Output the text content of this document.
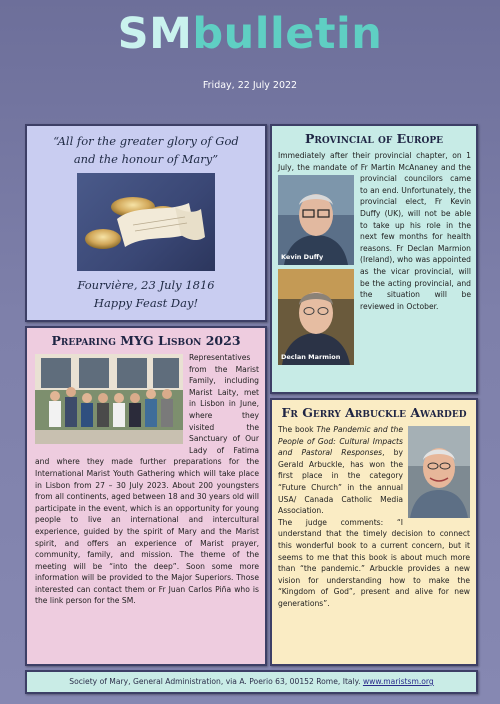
SMbulletin
Friday, 22 July 2022
“All for the greater glory of God
and the honour of Mary”
Fourvière, 23 July 1816
Happy Feast Day!
Provincial of Europe
Immediately after their provincial chapter, on 1 July, the mandate of Fr Martin McAnaney
Kevin Duffy
Declan Marmion
and the provincial councilors came to an end. Unfortunately, the provincial elect, Fr Kevin Duffy (UK), will not be able to take up his role in the next few months for health reasons. Fr Declan Marmion (Ireland), who was appointed as the vicar provincial, will be the acting provincial, and the situation will be reviewed in October.
Preparing MYG Lisbon 2023
Representatives from the Marist Family, including Marist Laity, met in Lisbon in June, where they visited the Sanctuary of Our Lady of Fatima and where they made further preparations for the International Marist Youth Gathering which will take place in Lisbon from 27 – 30 July 2023. About 200 youngsters from all continents, aged between 18 and 30 years old will participate in the event, which is an opportunity for young people to live an international and intercultural experience, guided by the spirit of Mary and the Marist spirit, and offers an experience of Marist prayer, community, family, and mission. The theme of the meeting will be “into the deep”. Soon some more information will be provided to the Major Superiors. Those interested can contact them or Fr Juan Carlos Piña who is the link person for the SM.
Fr Gerry Arbuckle Awarded
The book The Pandemic and the People of God: Cultural Impacts and Pastoral Responses, by Gerald Arbuckle, has won the first place in the category “Future Church” in the annual USA/ Canada Catholic Media Association.
The judge comments: “I understand that the timely decision to connect this wonderful book to a current concern, but it seems to me that this book is about much more than “the pandemic.” Arbuckle provides a new vision for understanding how to make the “Kingdom of God”, present and alive for new generations”.
Society of Mary, General Administration, via A. Poerio 63, 00152 Rome, Italy. www.maristsm.org
